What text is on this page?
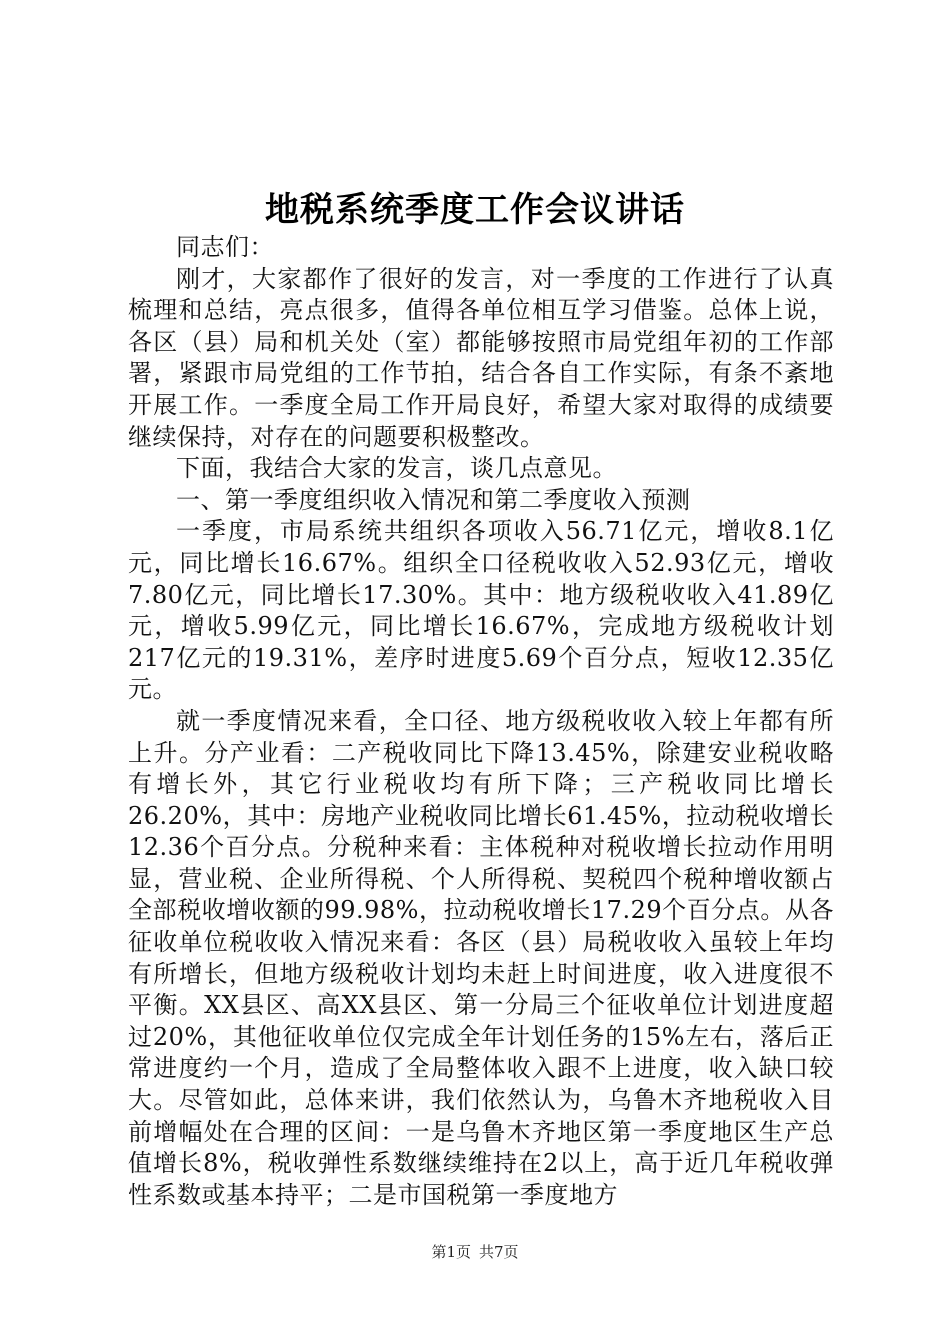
地税系统季度工作会议讲话

同志们：

刚才，大家都作了很好的发言，对一季度的工作进行了认真梳理和总结，亮点很多，值得各单位相互学习借鉴。总体上说，各区（县）局和机关处（室）都能够按照市局党组年初的工作部署，紧跟市局党组的工作节拍，结合各自工作实际，有条不紊地开展工作。一季度全局工作开局良好，希望大家对取得的成绩要继续保持，对存在的问题要积极整改。

下面，我结合大家的发言，谈几点意见。

一、第一季度组织收入情况和第二季度收入预测

一季度，市局系统共组织各项收入56.71亿元，增收8.1亿元，同比增长16.67%。组织全口径税收收入52.93亿元，增收7.80亿元，同比增长17.30%。其中：地方级税收收入41.89亿元，增收5.99亿元，同比增长16.67%，完成地方级税收计划217亿元的19.31%，差序时进度5.69个百分点，短收12.35亿元。

就一季度情况来看，全口径、地方级税收收入较上年都有所上升。分产业看：二产税收同比下降13.45%，除建安业税收略有增长外，其它行业税收均有所下降；三产税收同比增长26.20%，其中：房地产业税收同比增长61.45%，拉动税收增长12.36个百分点。分税种来看：主体税种对税收增长拉动作用明显，营业税、企业所得税、个人所得税、契税四个税种增收额占全部税收增收额的99.98%，拉动税收增长17.29个百分点。从各征收单位税收收入情况来看：各区（县）局税收收入虽较上年均有所增长，但地方级税收计划均未赶上时间进度，收入进度很不平衡。XX县区、高XX县区、第一分局三个征收单位计划进度超过20%，其他征收单位仅完成全年计划任务的15%左右，落后正常进度约一个月，造成了全局整体收入跟不上进度，收入缺口较大。尽管如此，总体来讲，我们依然认为，乌鲁木齐地税收入目前增幅处在合理的区间：一是乌鲁木齐地区第一季度地区生产总值增长8%，税收弹性系数继续维持在2以上，高于近几年税收弹性系数或基本持平；二是市国税第一季度地方

第1页 共7页
